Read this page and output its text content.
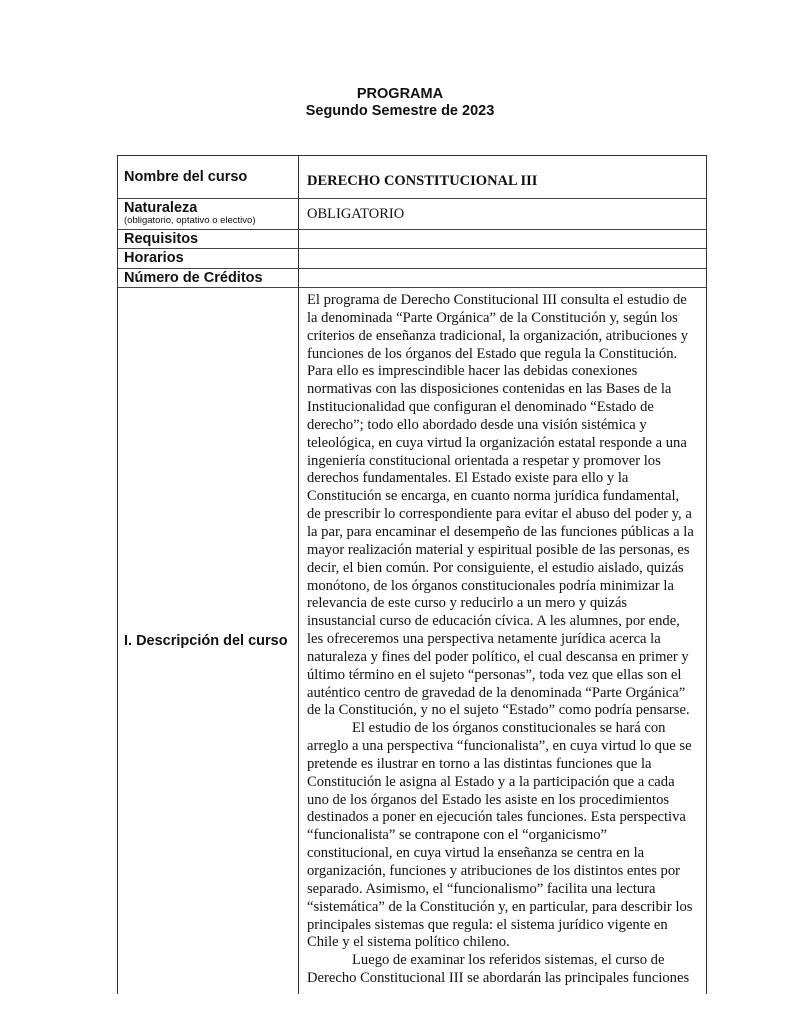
PROGRAMA
Segundo Semestre de 2023
Nombre del curso	DERECHO CONSTITUCIONAL III
Naturaleza
(obligatorio, optativo o electivo)	OBLIGATORIO
Requisitos
Horarios
Número de Créditos
I. Descripción del curso
El programa de Derecho Constitucional III consulta el estudio de
la denominada “Parte Orgánica” de la Constitución y, según los
criterios de enseñanza tradicional, la organización, atribuciones y
funciones de los órganos del Estado que regula la Constitución.
Para ello es imprescindible hacer las debidas conexiones
normativas con las disposiciones contenidas en las Bases de la
Institucionalidad que configuran el denominado “Estado de
derecho”; todo ello abordado desde una visión sistémica y
teleológica, en cuya virtud la organización estatal responde a una
ingeniería constitucional orientada a respetar y promover los
derechos fundamentales. El Estado existe para ello y la
Constitución se encarga, en cuanto norma jurídica fundamental,
de prescribir lo correspondiente para evitar el abuso del poder y, a
la par, para encaminar el desempeño de las funciones públicas a la
mayor realización material y espiritual posible de las personas, es
decir, el bien común. Por consiguiente, el estudio aislado, quizás
monótono, de los órganos constitucionales podría minimizar la
relevancia de este curso y reducirlo a un mero y quizás
insustancial curso de educación cívica. A les alumnes, por ende,
les ofreceremos una perspectiva netamente jurídica acerca la
naturaleza y fines del poder político, el cual descansa en primer y
último término en el sujeto “personas”, toda vez que ellas son el
auténtico centro de gravedad de la denominada “Parte Orgánica”
de la Constitución, y no el sujeto “Estado” como podría pensarse.
El estudio de los órganos constitucionales se hará con
arreglo a una perspectiva “funcionalista”, en cuya virtud lo que se
pretende es ilustrar en torno a las distintas funciones que la
Constitución le asigna al Estado y a la participación que a cada
uno de los órganos del Estado les asiste en los procedimientos
destinados a poner en ejecución tales funciones. Esta perspectiva
“funcionalista” se contrapone con el “organicismo”
constitucional, en cuya virtud la enseñanza se centra en la
organización, funciones y atribuciones de los distintos entes por
separado. Asimismo, el “funcionalismo” facilita una lectura
“sistemática” de la Constitución y, en particular, para describir los
principales sistemas que regula: el sistema jurídico vigente en
Chile y el sistema político chileno.
Luego de examinar los referidos sistemas, el curso de
Derecho Constitucional III se abordarán las principales funciones
